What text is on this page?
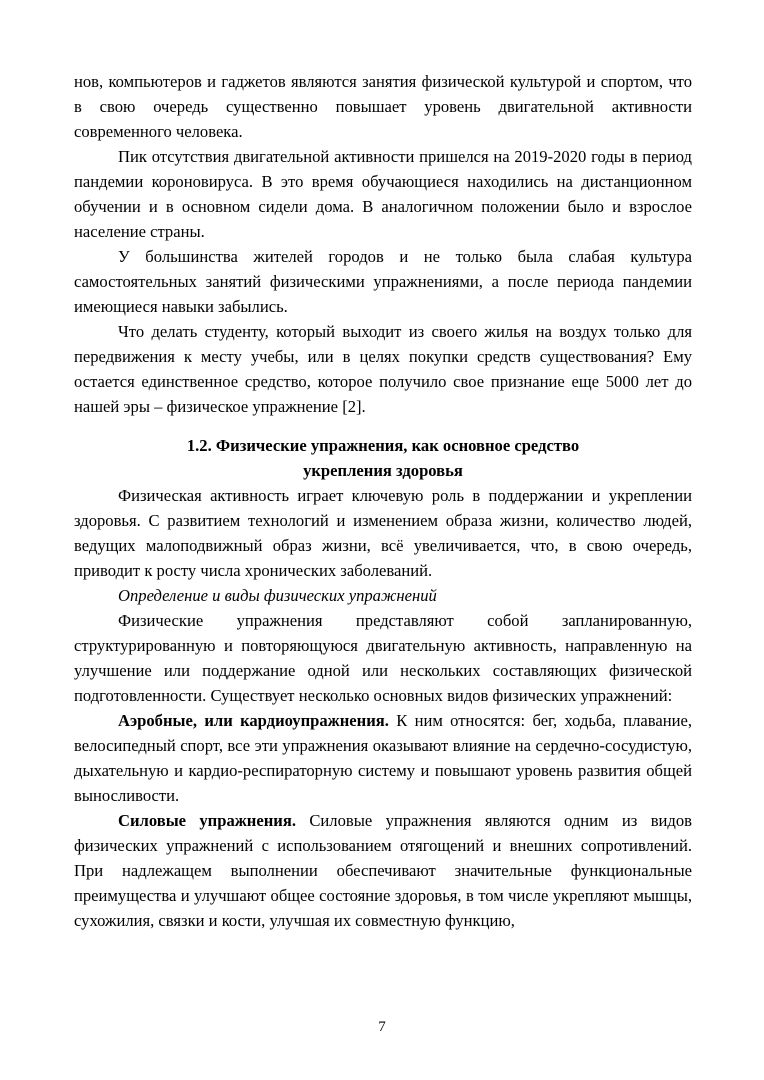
нов, компьютеров и гаджетов являются занятия физической культурой и спортом, что в свою очередь существенно повышает уровень двигательной активности современного человека.

Пик отсутствия двигательной активности пришелся на 2019-2020 годы в период пандемии короновируса. В это время обучающиеся находились на дистанционном обучении и в основном сидели дома. В аналогичном положении было и взрослое население страны.

У большинства жителей городов и не только была слабая культура самостоятельных занятий физическими упражнениями, а после периода пандемии имеющиеся навыки забылись.

Что делать студенту, который выходит из своего жилья на воздух только для передвижения к месту учебы, или в целях покупки средств существования? Ему остается единственное средство, которое получило свое признание еще 5000 лет до нашей эры – физическое упражнение [2].

1.2. Физические упражнения, как основное средство
укрепления здоровья

Физическая активность играет ключевую роль в поддержании и укреплении здоровья. С развитием технологий и изменением образа жизни, количество людей, ведущих малоподвижный образ жизни, всё увеличивается, что, в свою очередь, приводит к росту числа хронических заболеваний.

Определение и виды физических упражнений

Физические упражнения представляют собой запланированную, структурированную и повторяющуюся двигательную активность, направленную на улучшение или поддержание одной или нескольких составляющих физической подготовленности. Существует несколько основных видов физических упражнений:

Аэробные, или кардиоупражнения. К ним относятся: бег, ходьба, плавание, велосипедный спорт, все эти упражнения оказывают влияние на сердечно-сосудистую, дыхательную и кардио-респираторную систему и повышают уровень развития общей выносливости.

Силовые упражнения. Силовые упражнения являются одним из видов физических упражнений с использованием отягощений и внешних сопротивлений. При надлежащем выполнении обеспечивают значительные функциональные преимущества и улучшают общее состояние здоровья, в том числе укрепляют мышцы, сухожилия, связки и кости, улучшая их совместную функцию,

7
